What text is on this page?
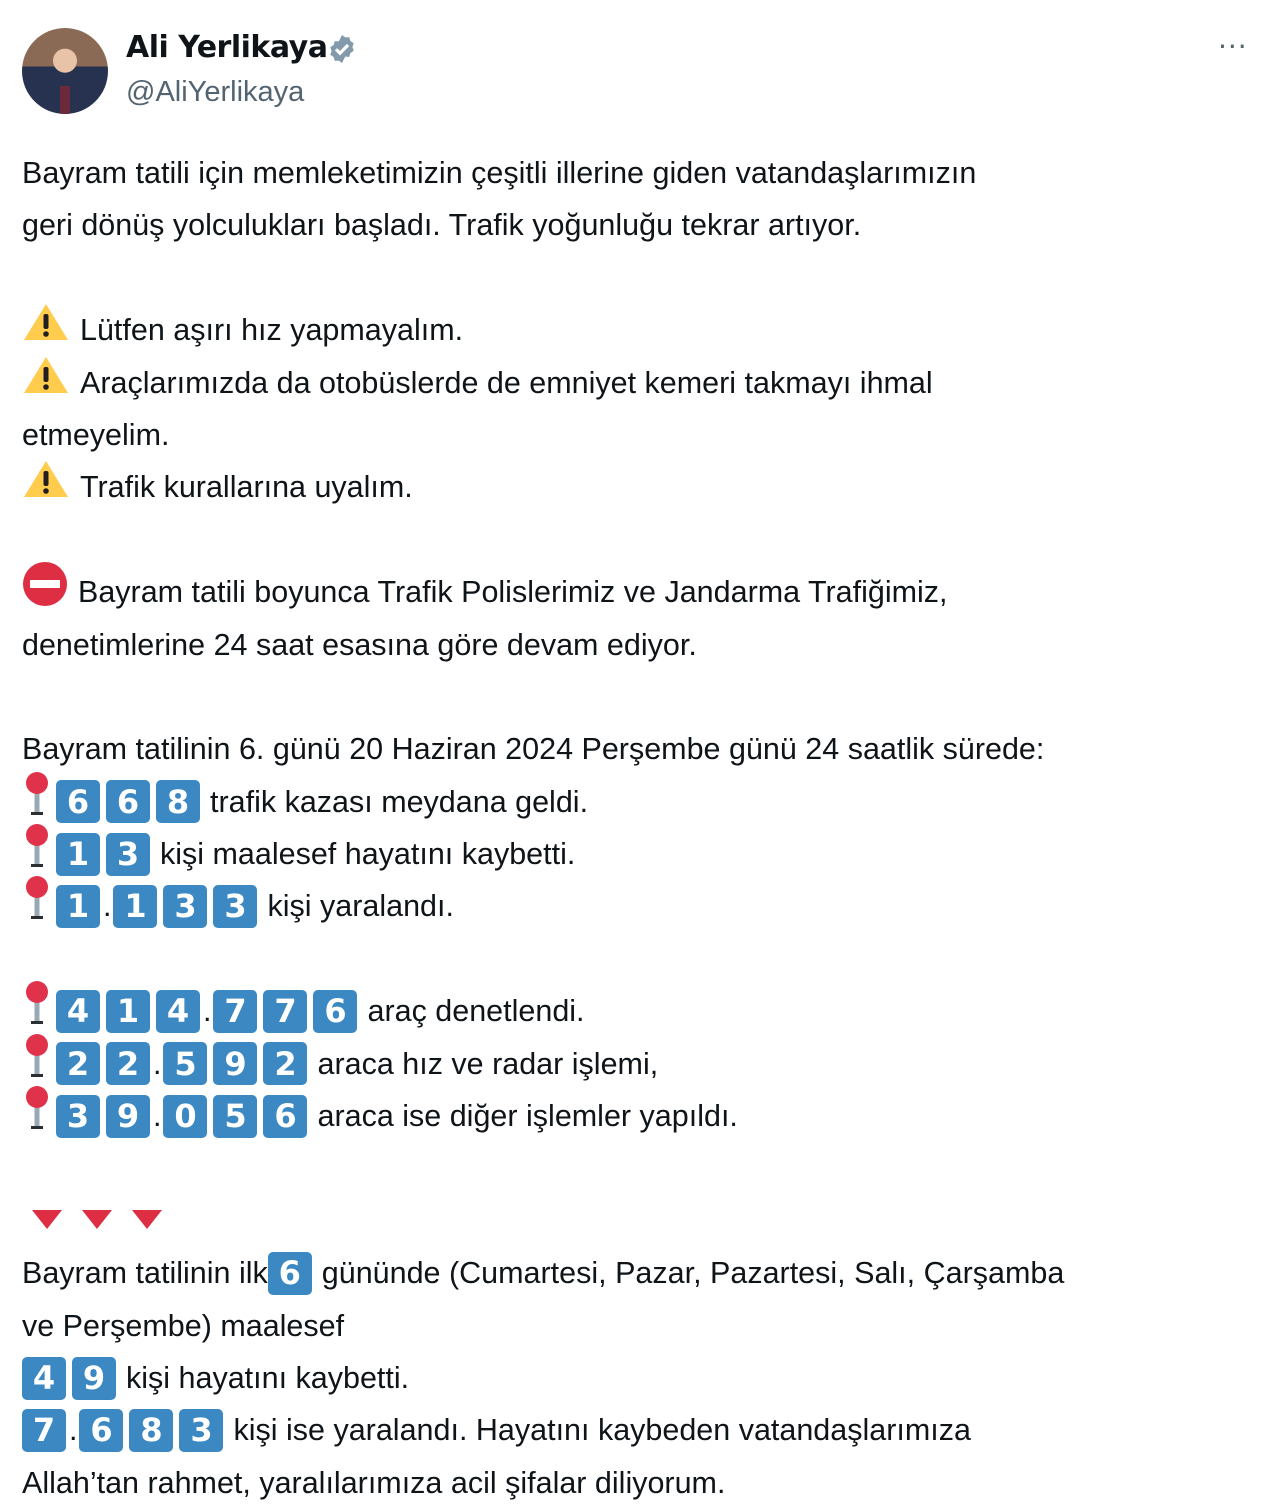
Ali Yerlikaya
@AliYerlikaya
···
Bayram tatili için memleketimizin çeşitli illerine giden vatandaşlarımızın
geri dönüş yolculukları başladı. Trafik yoğunluğu tekrar artıyor.
Lütfen aşırı hız yapmayalım.
Araçlarımızda da otobüslerde de emniyet kemeri takmayı ihmal
etmeyelim.
Trafik kurallarına uyalım.
Bayram tatili boyunca Trafik Polislerimiz ve Jandarma Trafiğimiz,
denetimlerine 24 saat esasına göre devam ediyor.
Bayram tatilinin 6. günü 20 Haziran 2024 Perşembe günü 24 saatlik sürede:
6 6 8 trafik kazası meydana geldi.
1 3 kişi maalesef hayatını kaybetti.
1 . 1 3 3 kişi yaralandı.
4 1 4 . 7 7 6 araç denetlendi.
2 2 . 5 9 2 araca hız ve radar işlemi,
3 9 . 0 5 6 araca ise diğer işlemler yapıldı.
Bayram tatilinin ilk 6 gününde (Cumartesi, Pazar, Pazartesi, Salı, Çarşamba
ve Perşembe) maalesef
4 9 kişi hayatını kaybetti.
7 . 6 8 3 kişi ise yaralandı. Hayatını kaybeden vatandaşlarımıza
Allah’tan rahmet, yaralılarımıza acil şifalar diliyorum.
